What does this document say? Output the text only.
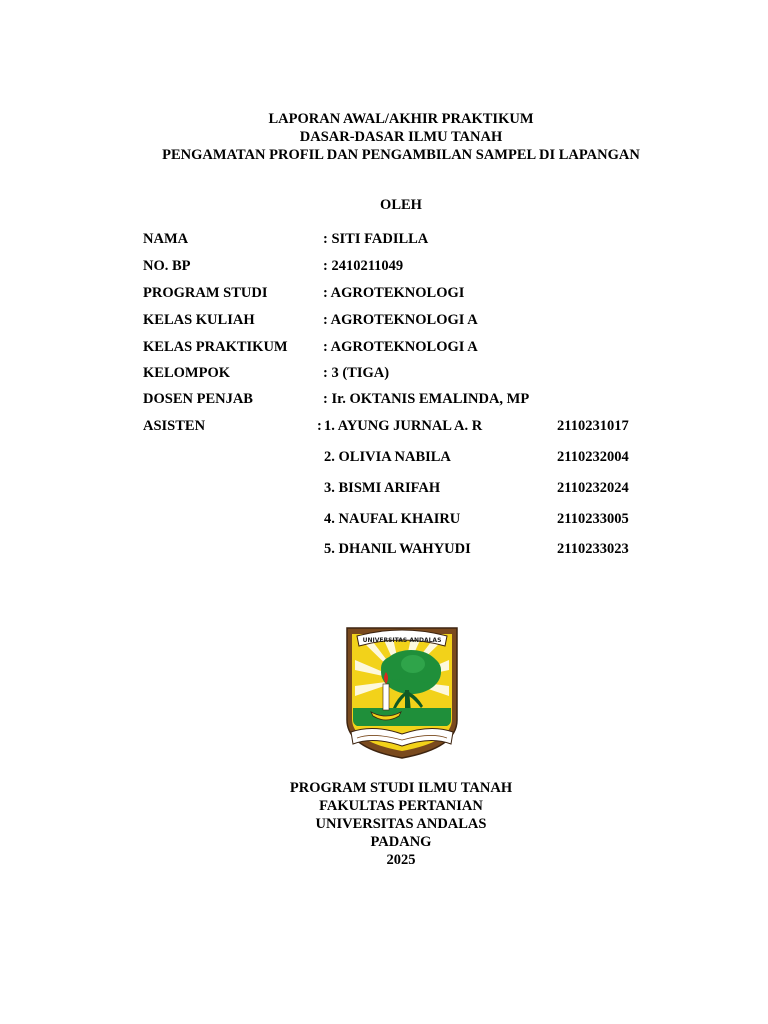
LAPORAN AWAL/AKHIR PRAKTIKUM
DASAR-DASAR ILMU TANAH
PENGAMATAN PROFIL DAN PENGAMBILAN SAMPEL DI LAPANGAN
OLEH
NAMA	: SITI FADILLA
NO. BP	: 2410211049
PROGRAM STUDI	: AGROTEKNOLOGI
KELAS KULIAH	: AGROTEKNOLOGI A
KELAS PRAKTIKUM : AGROTEKNOLOGI A
KELOMPOK	: 3 (TIGA)
DOSEN PENJAB	: Ir. OKTANIS EMALINDA, MP
ASISTEN	: 1. AYUNG JURNAL A. R	2110231017
2. OLIVIA NABILA	2110232004
3. BISMI ARIFAH	2110232024
4. NAUFAL KHAIRU	2110233005
5. DHANIL WAHYUDI	2110233023
UNIVERSITAS ANDALAS
PROGRAM STUDI ILMU TANAH
FAKULTAS PERTANIAN
UNIVERSITAS ANDALAS
PADANG
2025
